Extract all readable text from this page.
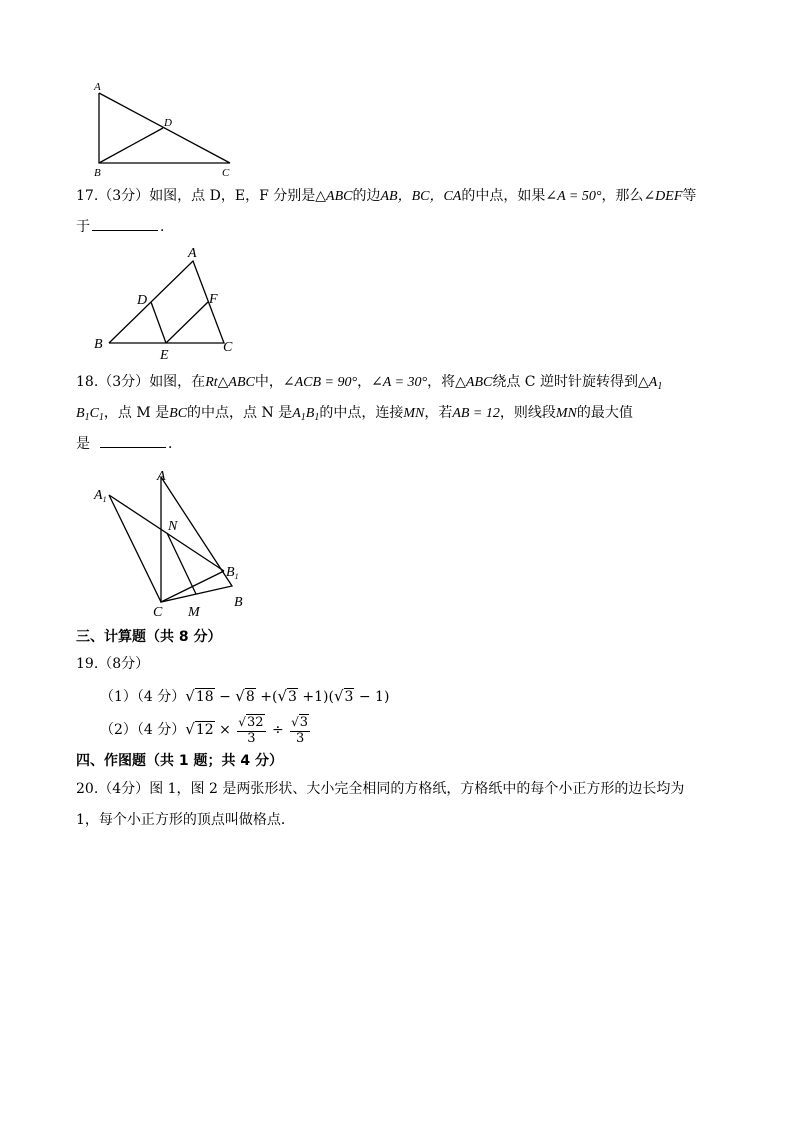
A
D
B	C
17.（3分）如图，点 D，E，F 分别是△ABC的边AB，BC，CA的中点，如果∠A = 50°，那么∠DEF等
于	．
A
D	F
B
E
C
18.（3分）如图，在Rt△ABC中，∠ACB = 90°，∠A = 30°，将△ABC绕点 C 逆时针旋转得到$\triangle A_1$
$B_1C_1$，点 M 是BC的中点，点 N 是$A_1B_1$的中点，连接MN，若AB = 12，则线段MN的最大值
是	．
A
$A_1$
N
$B_1$
C M
B
三、计算题（共 8 分）
19.（8分）
（1）（4 分）√18 − √8 +(√3 +1)(√3 − 1)
（2）（4 分）$√12 \times \frac{√32}{3} \div \frac{√3}{3}$
四、作图题（共 1 题；共 4 分）
20.（4分）图 1，图 2 是两张形状、大小完全相同的方格纸，方格纸中的每个小正方形的边长均为
1，每个小正方形的顶点叫做格点．
